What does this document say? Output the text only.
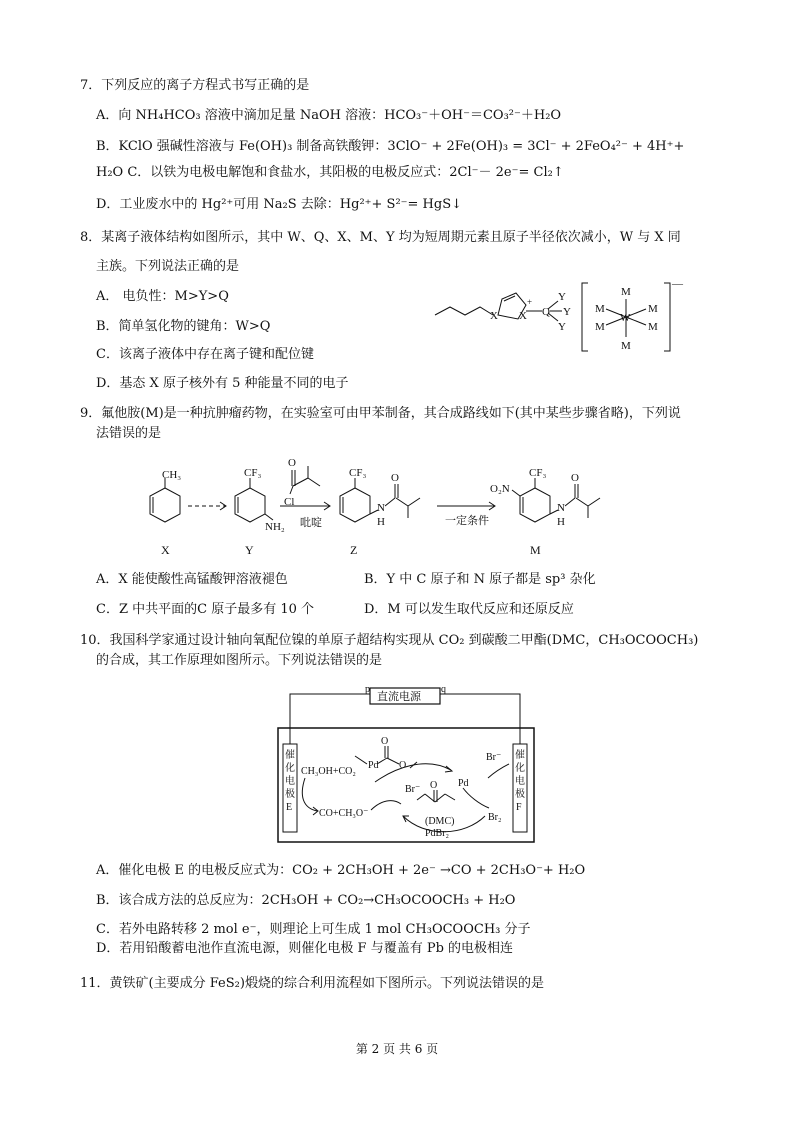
7．下列反应的离子方程式书写正确的是
A．向 NH₄HCO₃ 溶液中滴加足量 NaOH 溶液：HCO₃⁻＋OH⁻＝CO₃²⁻＋H₂O
B．KClO 强碱性溶液与 Fe(OH)₃ 制备高铁酸钾：3ClO⁻ + 2Fe(OH)₃ = 3Cl⁻ + 2FeO₄²⁻ + 4H⁺+
H₂O C．以铁为电极电解饱和食盐水，其阳极的电极反应式：2Cl⁻－ 2e⁻= Cl₂↑
D．工业废水中的 Hg²⁺可用 Na₂S 去除：Hg²⁺+ S²⁻= HgS↓
8．某离子液体结构如图所示，其中 W、Q、X、M、Y 均为短周期元素且原子半径依次减小，W 与 X 同
主族。下列说法正确的是
A． 电负性：M>Y>Q
B．简单氢化物的键角：W>Q
C．该离子液体中存在离子键和配位键
D．基态 X 原子核外有 5 种能量不同的电子
X X
+
Q
Y
Y
Y
M
M	M
W
M	M
M
—
9．氟他胺(M)是一种抗肿瘤药物，在实验室可由甲苯制备，其合成路线如下(其中某些步骤省略)，下列说
法错误的是
CH₃	CF₃
NH₂
O
Cl
吡啶
CF₃
N
H
O
一定条件
O₂N
CF₃
N
H
O
X	Y	Z	M
A．X 能使酸性高锰酸钾溶液褪色	B．Y 中 C 原子和 N 原子都是 sp³ 杂化
C．Z 中共平面的C 原子最多有 10 个	D．M 可以发生取代反应和还原反应
10．我国科学家通过设计轴向氧配位镍的单原子超结构实现从 CO₂ 到碳酸二甲酯(DMC，CH₃OCOOCH₃)
的合成，其工作原理如图所示。下列说法错误的是
直流电源
p	q
催
化
电
极
E
催
化
电
极
F
CH₃OH+CO₂
CO+CH₃O⁻
Pd
O
O
Br⁻
Pd
Br⁻
Br₂
O
(DMC)
PdBr₂
A．催化电极 E 的电极反应式为：CO₂ + 2CH₃OH + 2e⁻ →CO + 2CH₃O⁻+ H₂O
B．该合成方法的总反应为：2CH₃OH + CO₂→CH₃OCOOCH₃ + H₂O
C．若外电路转移 2 mol e⁻，则理论上可生成 1 mol CH₃OCOOCH₃ 分子
D．若用铅酸蓄电池作直流电源，则催化电极 F 与覆盖有 Pb 的电极相连
11．黄铁矿(主要成分 FeS₂)煅烧的综合利用流程如下图所示。下列说法错误的是
第 2 页 共 6 页
